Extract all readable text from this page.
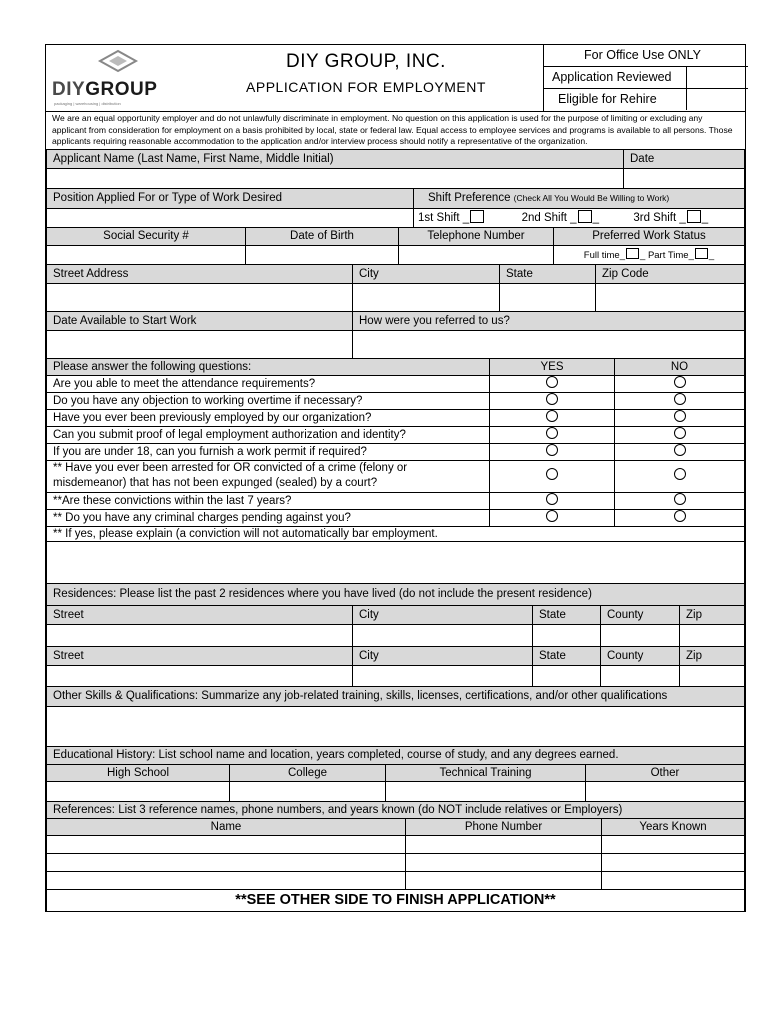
DIYGROUP
packaging | warehousing | distribution
DIY GROUP, INC.
APPLICATION FOR EMPLOYMENT
For Office Use ONLY
Application Reviewed
Eligible for Rehire
We are an equal opportunity employer and do not unlawfully discriminate in employment. No question on this application is used for the purpose of limiting or excluding any applicant from consideration for employment on a basis prohibited by local, state or federal law. Equal access to employee services and programs is available to all persons. Those applicants requiring reasonable accommodation to the application and/or interview process should notify a representative of the organization.
Applicant Name (Last Name, First Name, Middle Initial)	Date

Position Applied For or Type of Work Desired	Shift Preference (Check All You Would Be Willing to Work)
	1st Shift _ 2nd Shift _ _ 3rd Shift _ _
Social Security #	Date of Birth	Telephone Number	Preferred Work Status
			Full time_ _ Part Time_ _
Street Address	City	State	Zip Code

Date Available to Start Work	How were you referred to us?

Please answer the following questions:	YES	NO
Are you able to meet the attendance requirements?		
Do you have any objection to working overtime if necessary?		
Have you ever been previously employed by our organization?		
Can you submit proof of legal employment authorization and identity?		
If you are under 18, can you furnish a work permit if required?		

** Have you ever been arrested for OR convicted of a crime (felony or
misdemeanor) that has not been expunged (sealed) by a court?		

**Are these convictions within the last 7 years?		
** Do you have any criminal charges pending against you?		
** If yes, please explain (a conviction will not automatically bar employment.		

Residences: Please list the past 2 residences where you have lived (do not include the present residence)				
Street	City	State	County	Zip

Street	City	State	County	Zip

Other Skills & Qualifications: Summarize any job-related training, skills, licenses, certifications, and/or other qualifications

Educational History: List school name and location, years completed, course of study, and any degrees earned.			
High School	College	Technical Training	Other

References: List 3 reference names, phone numbers, and years known (do NOT include relatives or Employers)		
Name	Phone Number	Years Known

**SEE OTHER SIDE TO FINISH APPLICATION**		
